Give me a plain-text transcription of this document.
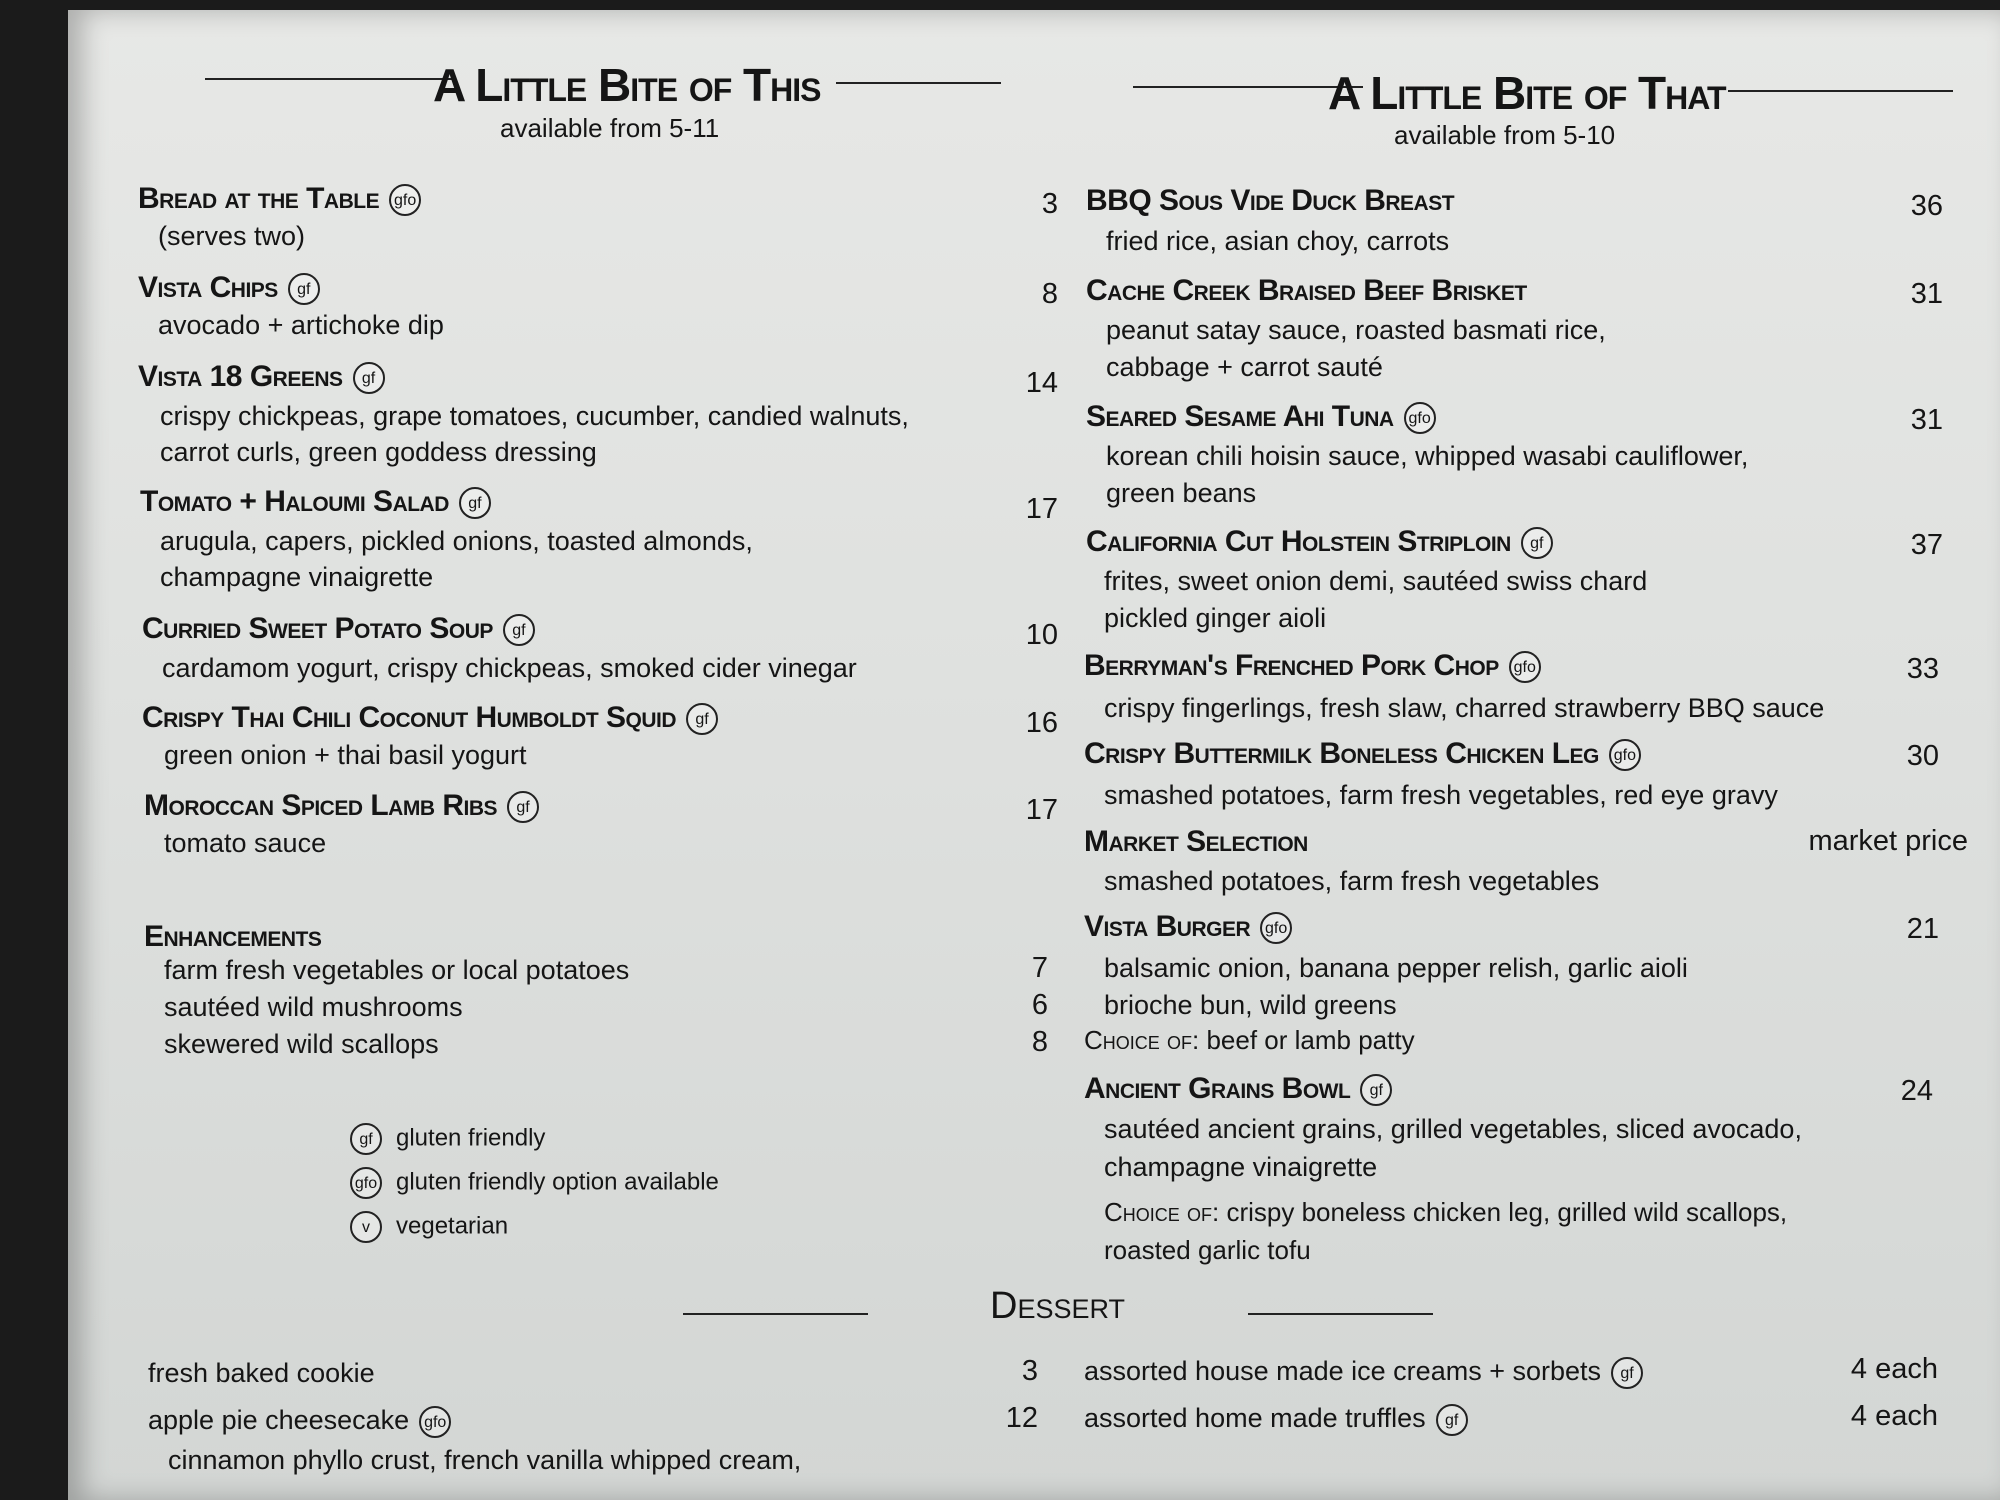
A Little Bite of This
available from 5-11
A Little Bite of That
available from 5-10
Bread at the Table gfo	3
(serves two)
Vista Chips gf	8
avocado + artichoke dip
Vista 18 Greens gf	14
crispy chickpeas, grape tomatoes, cucumber, candied walnuts,
carrot curls, green goddess dressing
Tomato + Haloumi Salad gf	17
arugula, capers, pickled onions, toasted almonds,
champagne vinaigrette
Curried Sweet Potato Soup gf	10
cardamom yogurt, crispy chickpeas, smoked cider vinegar
Crispy Thai Chili Coconut Humboldt Squid gf	16
green onion + thai basil yogurt
Moroccan Spiced Lamb Ribs gf	17
tomato sauce
Enhancements
farm fresh vegetables or local potatoes	7
sautéed wild mushrooms	6
skewered wild scallops	8
gf gluten friendly
gfo gluten friendly option available
v vegetarian
BBQ Sous Vide Duck Breast	36
fried rice, asian choy, carrots
Cache Creek Braised Beef Brisket	31
peanut satay sauce, roasted basmati rice,
cabbage + carrot sauté
Seared Sesame Ahi Tuna gfo	31
korean chili hoisin sauce, whipped wasabi cauliflower,
green beans
California Cut Holstein Striploin gf	37
frites, sweet onion demi, sautéed swiss chard
pickled ginger aioli
Berryman's Frenched Pork Chop gfo	33
crispy fingerlings, fresh slaw, charred strawberry BBQ sauce
Crispy Buttermilk Boneless Chicken Leg gfo	30
smashed potatoes, farm fresh vegetables, red eye gravy
Market Selection	market price
smashed potatoes, farm fresh vegetables
Vista Burger gfo	21
balsamic onion, banana pepper relish, garlic aioli
brioche bun, wild greens
Choice of: beef or lamb patty
Ancient Grains Bowl gf	24
sautéed ancient grains, grilled vegetables, sliced avocado,
champagne vinaigrette
Choice of: crispy boneless chicken leg, grilled wild scallops,
roasted garlic tofu
Dessert
fresh baked cookie	3
apple pie cheesecake gfo	12
cinnamon phyllo crust, french vanilla whipped cream,
assorted house made ice creams + sorbets gf	4 each
assorted home made truffles gf	4 each
